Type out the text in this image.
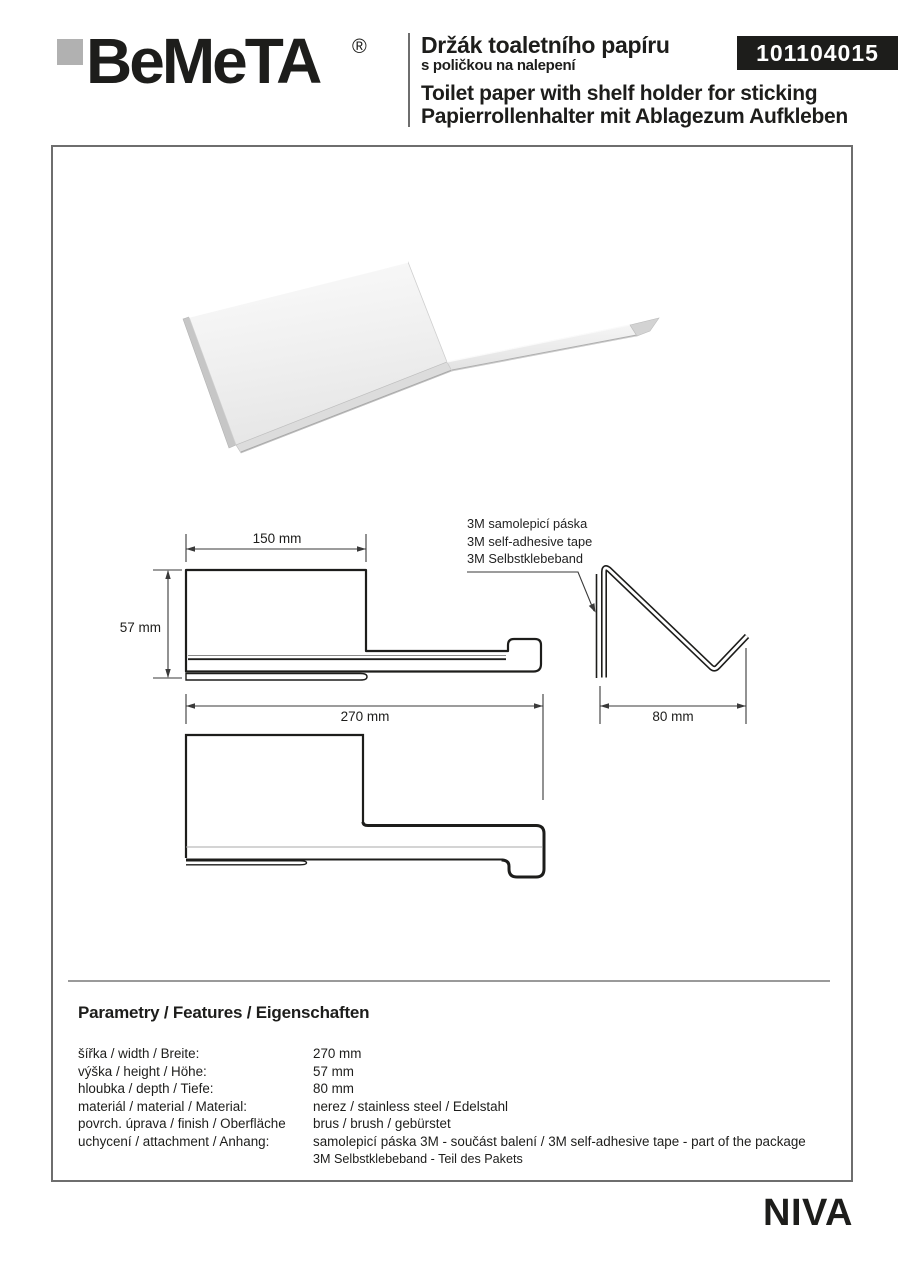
BeMeTA ® Držák toaletního papíru
s poličkou na nalepení
Toilet paper with shelf holder for sticking
Papierrollenhalter mit Ablagezum Aufkleben
101104015
150 mm
57 mm
270 mm	80 mm
3M samolepicí páska
3M self-adhesive tape
3M Selbstklebeband
Parametry / Features / Eigenschaften
šířka / width / Breite:	270 mm
výška / height / Höhe:	57 mm
hloubka / depth / Tiefe:	80 mm
materiál / material / Material:	nerez / stainless steel / Edelstahl
povrch. úprava / finish / Oberfläche	brus / brush / gebürstet
uchycení / attachment / Anhang:	samolepicí páska 3M - součást balení / 3M self-adhesive tape - part of the package
3M Selbstklebeband - Teil des Pakets
NIVA
